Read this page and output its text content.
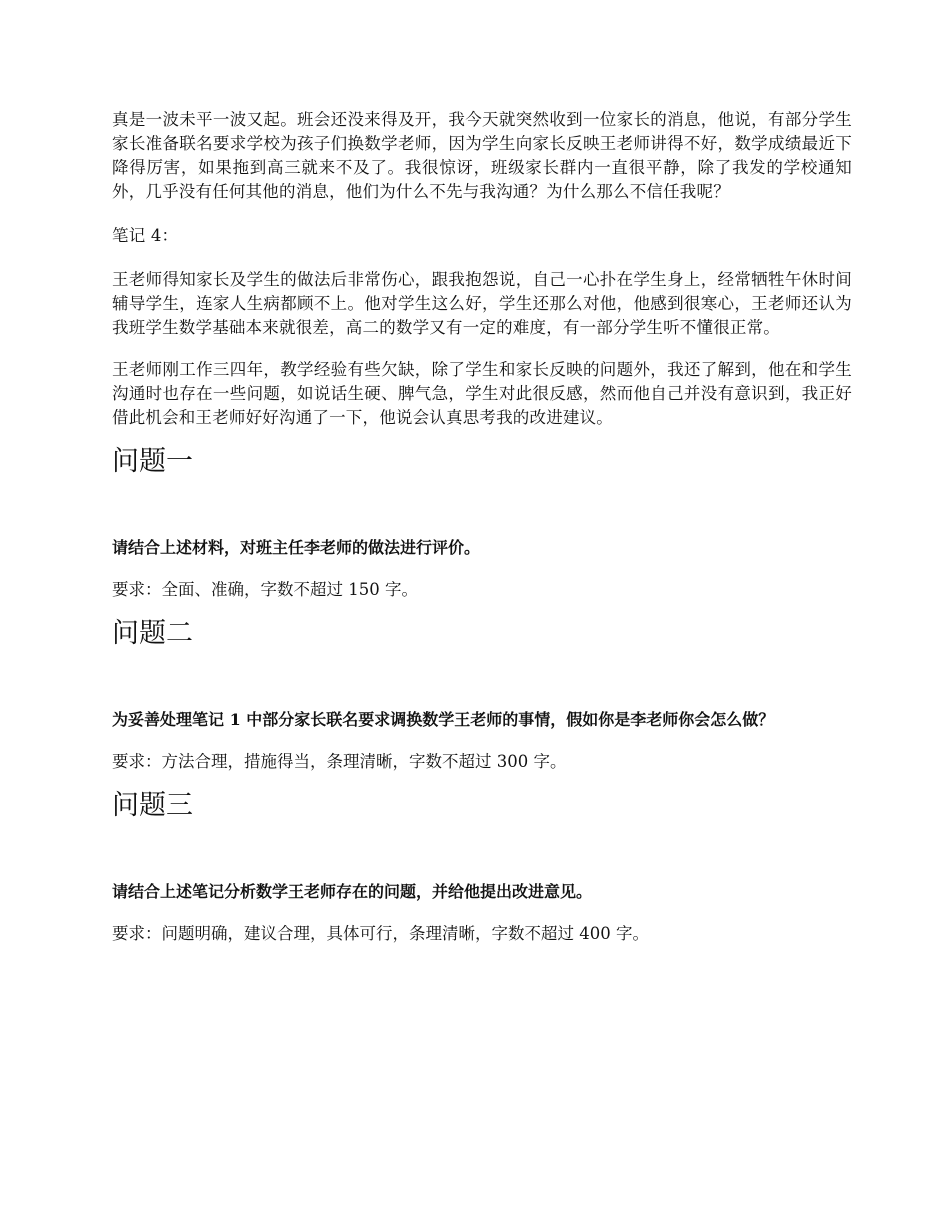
真是一波未平一波又起。班会还没来得及开，我今天就突然收到一位家长的消息，他说，有部分学生家长准备联名要求学校为孩子们换数学老师，因为学生向家长反映王老师讲得不好，数学成绩最近下降得厉害，如果拖到高三就来不及了。我很惊讶，班级家长群内一直很平静，除了我发的学校通知外，几乎没有任何其他的消息，他们为什么不先与我沟通？为什么那么不信任我呢？

笔记 4：

王老师得知家长及学生的做法后非常伤心，跟我抱怨说，自己一心扑在学生身上，经常牺牲午休时间辅导学生，连家人生病都顾不上。他对学生这么好，学生还那么对他，他感到很寒心，王老师还认为我班学生数学基础本来就很差，高二的数学又有一定的难度，有一部分学生听不懂很正常。

王老师刚工作三四年，教学经验有些欠缺，除了学生和家长反映的问题外，我还了解到，他在和学生沟通时也存在一些问题，如说话生硬、脾气急，学生对此很反感，然而他自己并没有意识到，我正好借此机会和王老师好好沟通了一下，他说会认真思考我的改进建议。

问题一

请结合上述材料，对班主任李老师的做法进行评价。

要求：全面、准确，字数不超过 150 字。

问题二

为妥善处理笔记 1 中部分家长联名要求调换数学王老师的事情，假如你是李老师你会怎么做？

要求：方法合理，措施得当，条理清晰，字数不超过 300 字。

问题三

请结合上述笔记分析数学王老师存在的问题，并给他提出改进意见。

要求：问题明确，建议合理，具体可行，条理清晰，字数不超过 400 字。
